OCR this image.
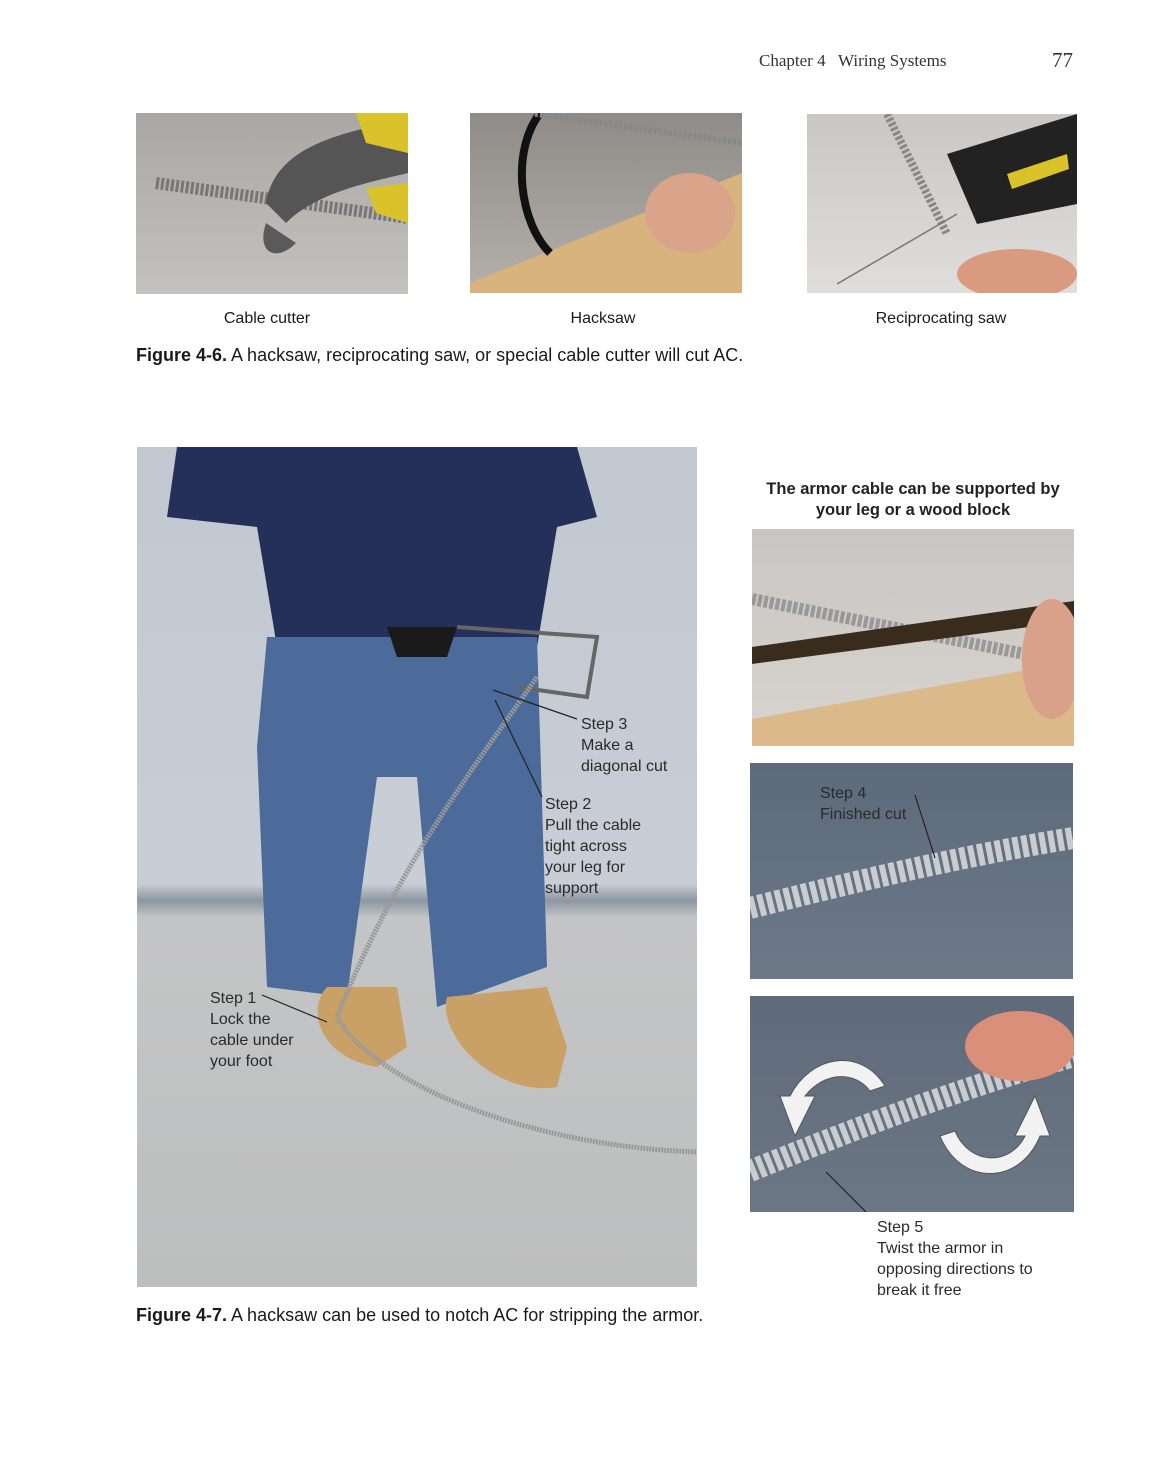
Chapter 4 Wiring Systems	77
Cable cutter	Hacksaw	Reciprocating saw
Figure 4-6. A hacksaw, reciprocating saw, or special cable cutter will cut AC.
Step 3
Make a
diagonal cut
Step 2
Pull the cable
tight across
your leg for
support
Step 1
Lock the
cable under
your foot
The armor cable can be supported by your leg or a wood block
Step 4
Finished cut
Step 5
Twist the armor in
opposing directions to
break it free
Figure 4-7. A hacksaw can be used to notch AC for stripping the armor.
